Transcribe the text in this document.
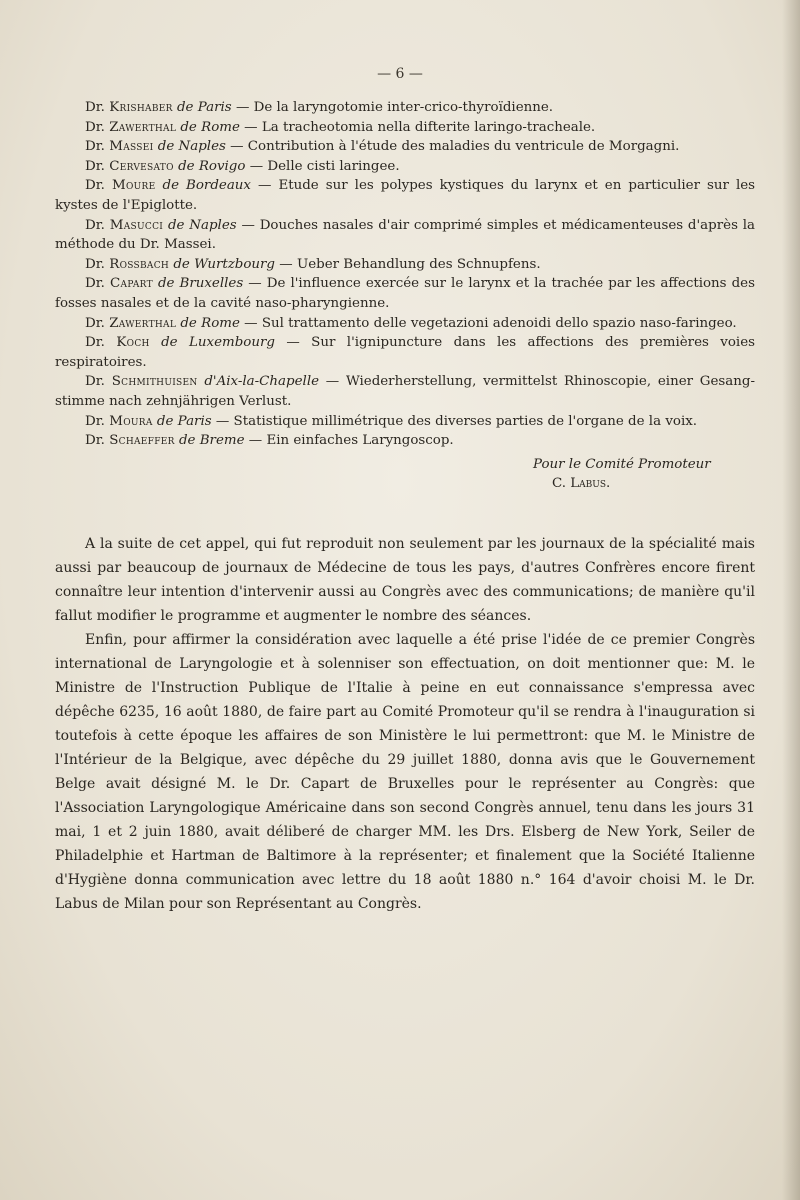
— 6 —

Dr. Krishaber de Paris — De la laryngotomie inter-crico-thyroïdienne.

Dr. Zawerthal de Rome — La tracheotomia nella difterite laringo-tracheale.

Dr. Massei de Naples — Contribution à l'étude des maladies du ventricule de Morgagni.

Dr. Cervesato de Rovigo — Delle cisti laringee.

Dr. Moure de Bordeaux — Etude sur les polypes kystiques du larynx et en particulier sur les kystes de l'Epiglotte.

Dr. Masucci de Naples — Douches nasales d'air comprimé simples et médicamenteuses d'après la méthode du Dr. Massei.

Dr. Rossbach de Wurtzbourg — Ueber Behandlung des Schnupfens.

Dr. Capart de Bruxelles — De l'influence exercée sur le larynx et la trachée par les affections des fosses nasales et de la cavité naso-pharyngienne.

Dr. Zawerthal de Rome — Sul trattamento delle vegetazioni adenoidi dello spazio naso-faringeo.

Dr. Koch de Luxembourg — Sur l'ignipuncture dans les affections des premières voies respiratoires.

Dr. Schmithuisen d'Aix-la-Chapelle — Wiederherstellung, vermittelst Rhinoscopie, einer Gesang-stimme nach zehnjährigen Verlust.

Dr. Moura de Paris — Statistique millimétrique des diverses parties de l'organe de la voix.

Dr. Schaeffer de Breme — Ein einfaches Laryngoscop.

Pour le Comité Promoteur
C. Labus.

A la suite de cet appel, qui fut reproduit non seulement par les journaux de la spécialité mais aussi par beaucoup de journaux de Médecine de tous les pays, d'autres Confrères encore firent connaître leur intention d'intervenir aussi au Congrès avec des communications; de manière qu'il fallut modifier le programme et augmenter le nombre des séances.

Enfin, pour affirmer la considération avec laquelle a été prise l'idée de ce premier Congrès international de Laryngologie et à solenniser son effectuation, on doit mentionner que: M. le Ministre de l'Instruction Publique de l'Italie à peine en eut connaissance s'empressa avec dépêche 6235, 16 août 1880, de faire part au Comité Promoteur qu'il se rendra à l'inauguration si toutefois à cette époque les affaires de son Ministère le lui permettront: que M. le Ministre de l'Intérieur de la Belgique, avec dépêche du 29 juillet 1880, donna avis que le Gouvernement Belge avait désigné M. le Dr. Capart de Bruxelles pour le représenter au Congrès: que l'Association Laryngologique Américaine dans son second Congrès annuel, tenu dans les jours 31 mai, 1 et 2 juin 1880, avait déliberé de charger MM. les Drs. Elsberg de New York, Seiler de Philadelphie et Hartman de Baltimore à la représenter; et finalement que la Société Italienne d'Hygiène donna communication avec lettre du 18 août 1880 n.° 164 d'avoir choisi M. le Dr. Labus de Milan pour son Représentant au Congrès.
